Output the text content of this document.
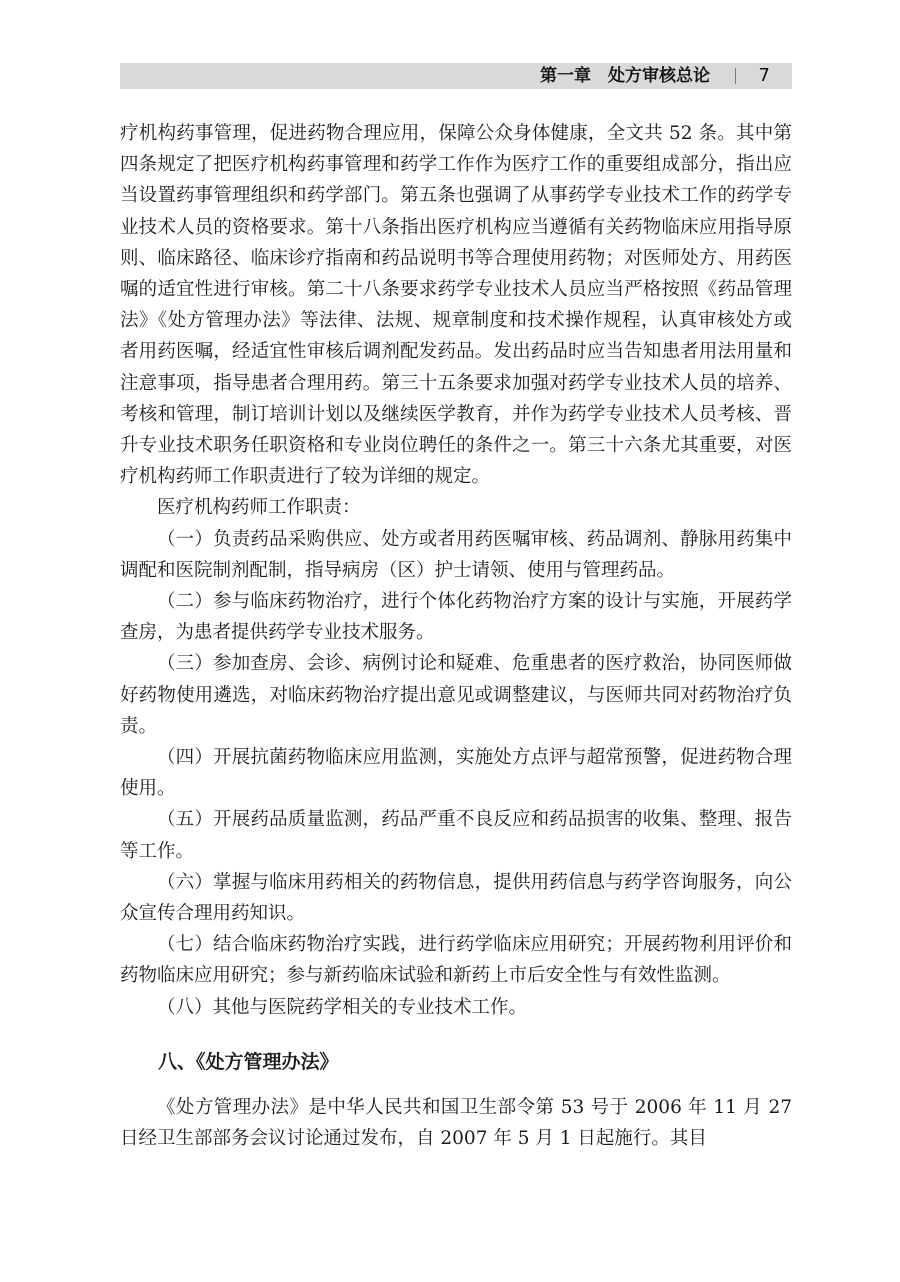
第一章　处方审核总论	7

疗机构药事管理，促进药物合理应用，保障公众身体健康，全文共 52 条。其中第四条规定了把医疗机构药事管理和药学工作作为医疗工作的重要组成部分，指出应当设置药事管理组织和药学部门。第五条也强调了从事药学专业技术工作的药学专业技术人员的资格要求。第十八条指出医疗机构应当遵循有关药物临床应用指导原则、临床路径、临床诊疗指南和药品说明书等合理使用药物；对医师处方、用药医嘱的适宜性进行审核。第二十八条要求药学专业技术人员应当严格按照《药品管理法》《处方管理办法》等法律、法规、规章制度和技术操作规程，认真审核处方或者用药医嘱，经适宜性审核后调剂配发药品。发出药品时应当告知患者用法用量和注意事项，指导患者合理用药。第三十五条要求加强对药学专业技术人员的培养、考核和管理，制订培训计划以及继续医学教育，并作为药学专业技术人员考核、晋升专业技术职务任职资格和专业岗位聘任的条件之一。第三十六条尤其重要，对医疗机构药师工作职责进行了较为详细的规定。

医疗机构药师工作职责：

（一）负责药品采购供应、处方或者用药医嘱审核、药品调剂、静脉用药集中调配和医院制剂配制，指导病房（区）护士请领、使用与管理药品。

（二）参与临床药物治疗，进行个体化药物治疗方案的设计与实施，开展药学查房，为患者提供药学专业技术服务。

（三）参加查房、会诊、病例讨论和疑难、危重患者的医疗救治，协同医师做好药物使用遴选，对临床药物治疗提出意见或调整建议，与医师共同对药物治疗负责。

（四）开展抗菌药物临床应用监测，实施处方点评与超常预警，促进药物合理使用。

（五）开展药品质量监测，药品严重不良反应和药品损害的收集、整理、报告等工作。

（六）掌握与临床用药相关的药物信息，提供用药信息与药学咨询服务，向公众宣传合理用药知识。

（七）结合临床药物治疗实践，进行药学临床应用研究；开展药物利用评价和药物临床应用研究；参与新药临床试验和新药上市后安全性与有效性监测。

（八）其他与医院药学相关的专业技术工作。

八、《处方管理办法》

《处方管理办法》是中华人民共和国卫生部令第 53 号于 2006 年 11 月 27 日经卫生部部务会议讨论通过发布，自 2007 年 5 月 1 日起施行。其目
